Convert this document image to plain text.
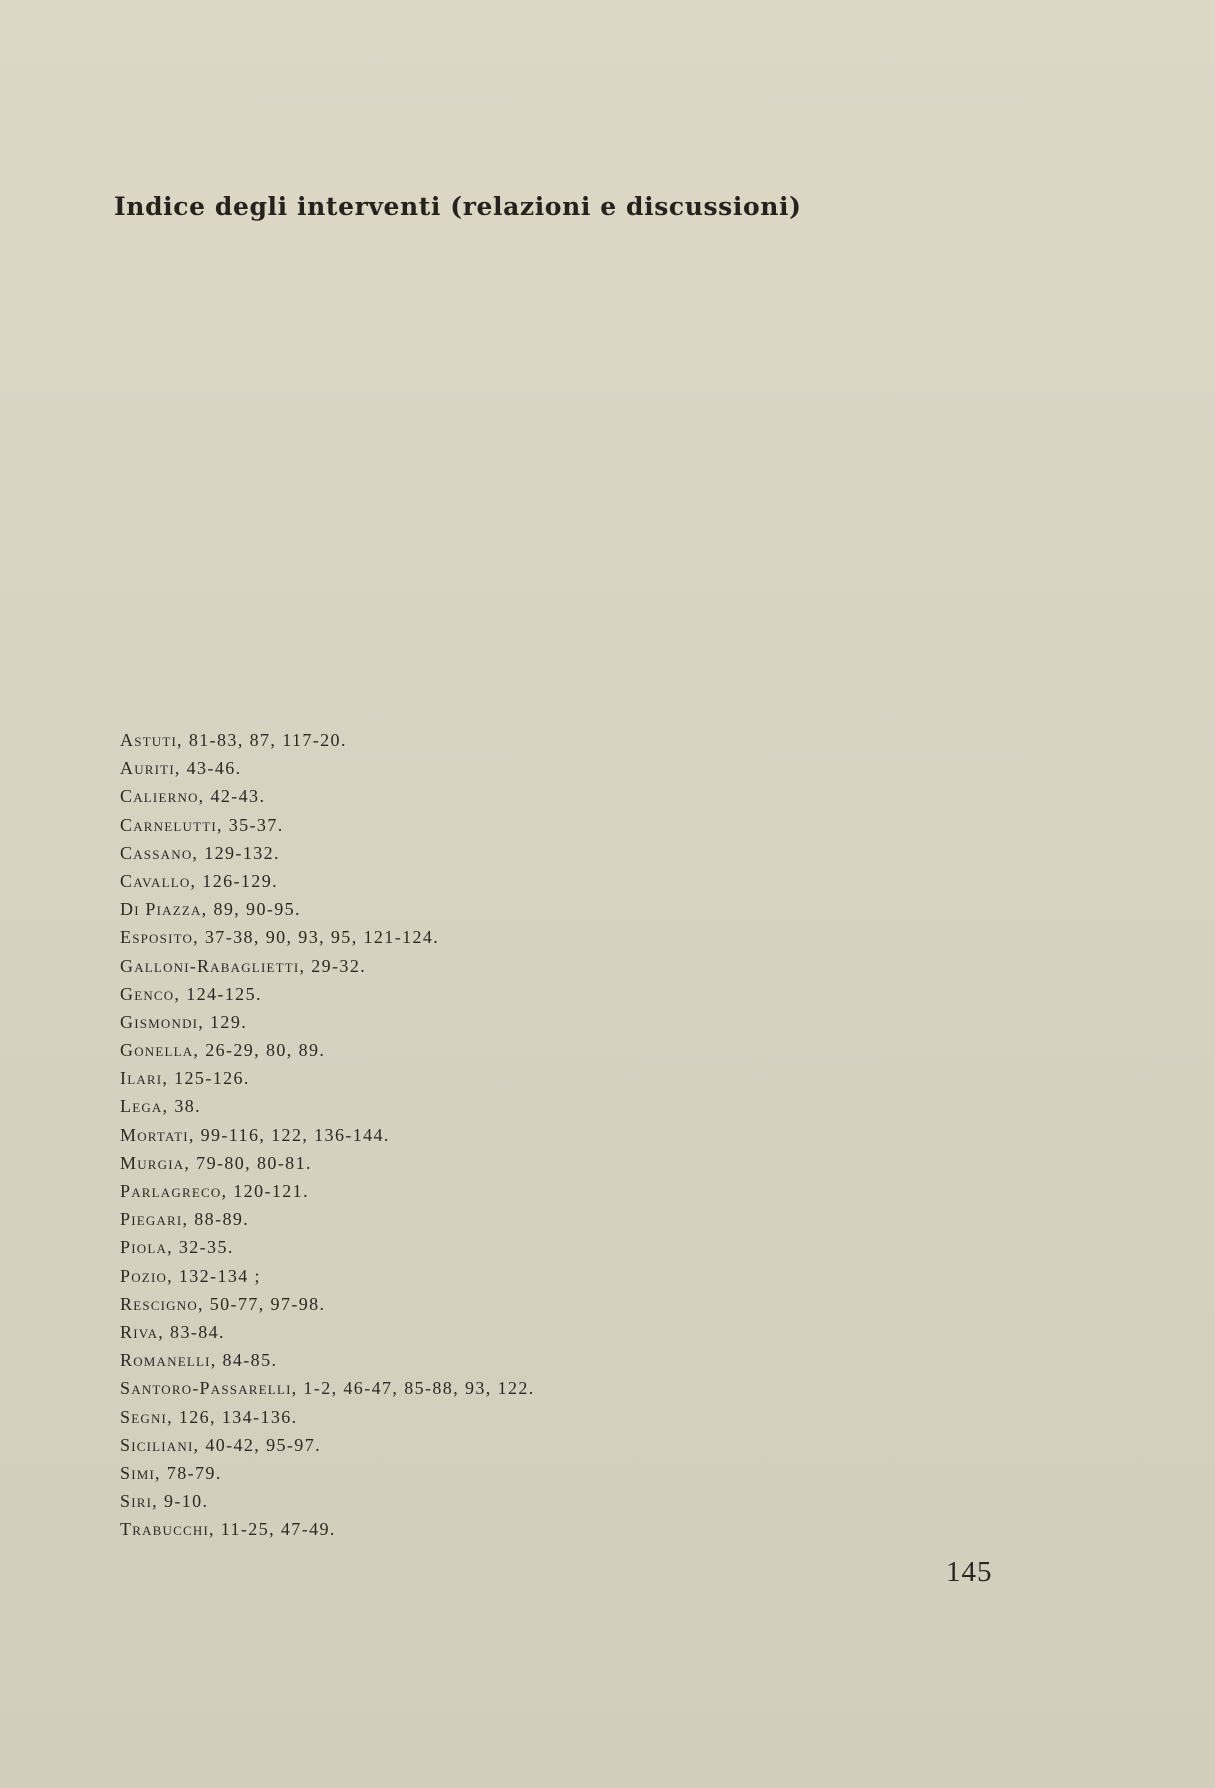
Indice degli interventi (relazioni e discussioni)
Astuti, 81-83, 87, 117-20.
Auriti, 43-46.
Calierno, 42-43.
Carnelutti, 35-37.
Cassano, 129-132.
Cavallo, 126-129.
Di Piazza, 89, 90-95.
Esposito, 37-38, 90, 93, 95, 121-124.
Galloni-Rabaglietti, 29-32.
Genco, 124-125.
Gismondi, 129.
Gonella, 26-29, 80, 89.
Ilari, 125-126.
Lega, 38.
Mortati, 99-116, 122, 136-144.
Murgia, 79-80, 80-81.
Parlagreco, 120-121.
Piegari, 88-89.
Piola, 32-35.
Pozio, 132-134 ;
Rescigno, 50-77, 97-98.
Riva, 83-84.
Romanelli, 84-85.
Santoro-Passarelli, 1-2, 46-47, 85-88, 93, 122.
Segni, 126, 134-136.
Siciliani, 40-42, 95-97.
Simi, 78-79.
Siri, 9-10.
Trabucchi, 11-25, 47-49.
145
